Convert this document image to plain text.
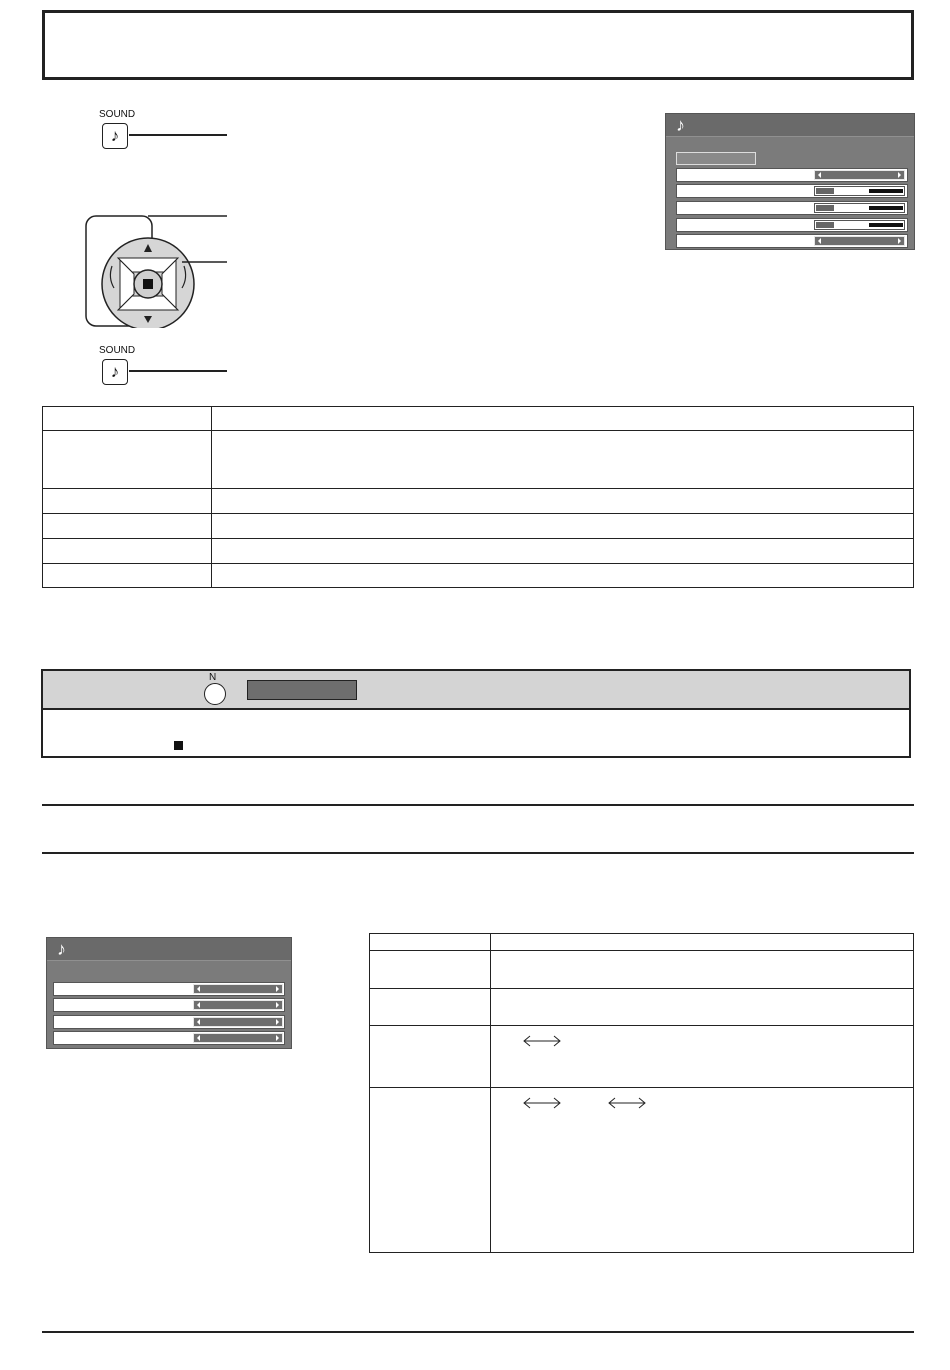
SOUND
♪
SOUND
♪
♪

N
♪
